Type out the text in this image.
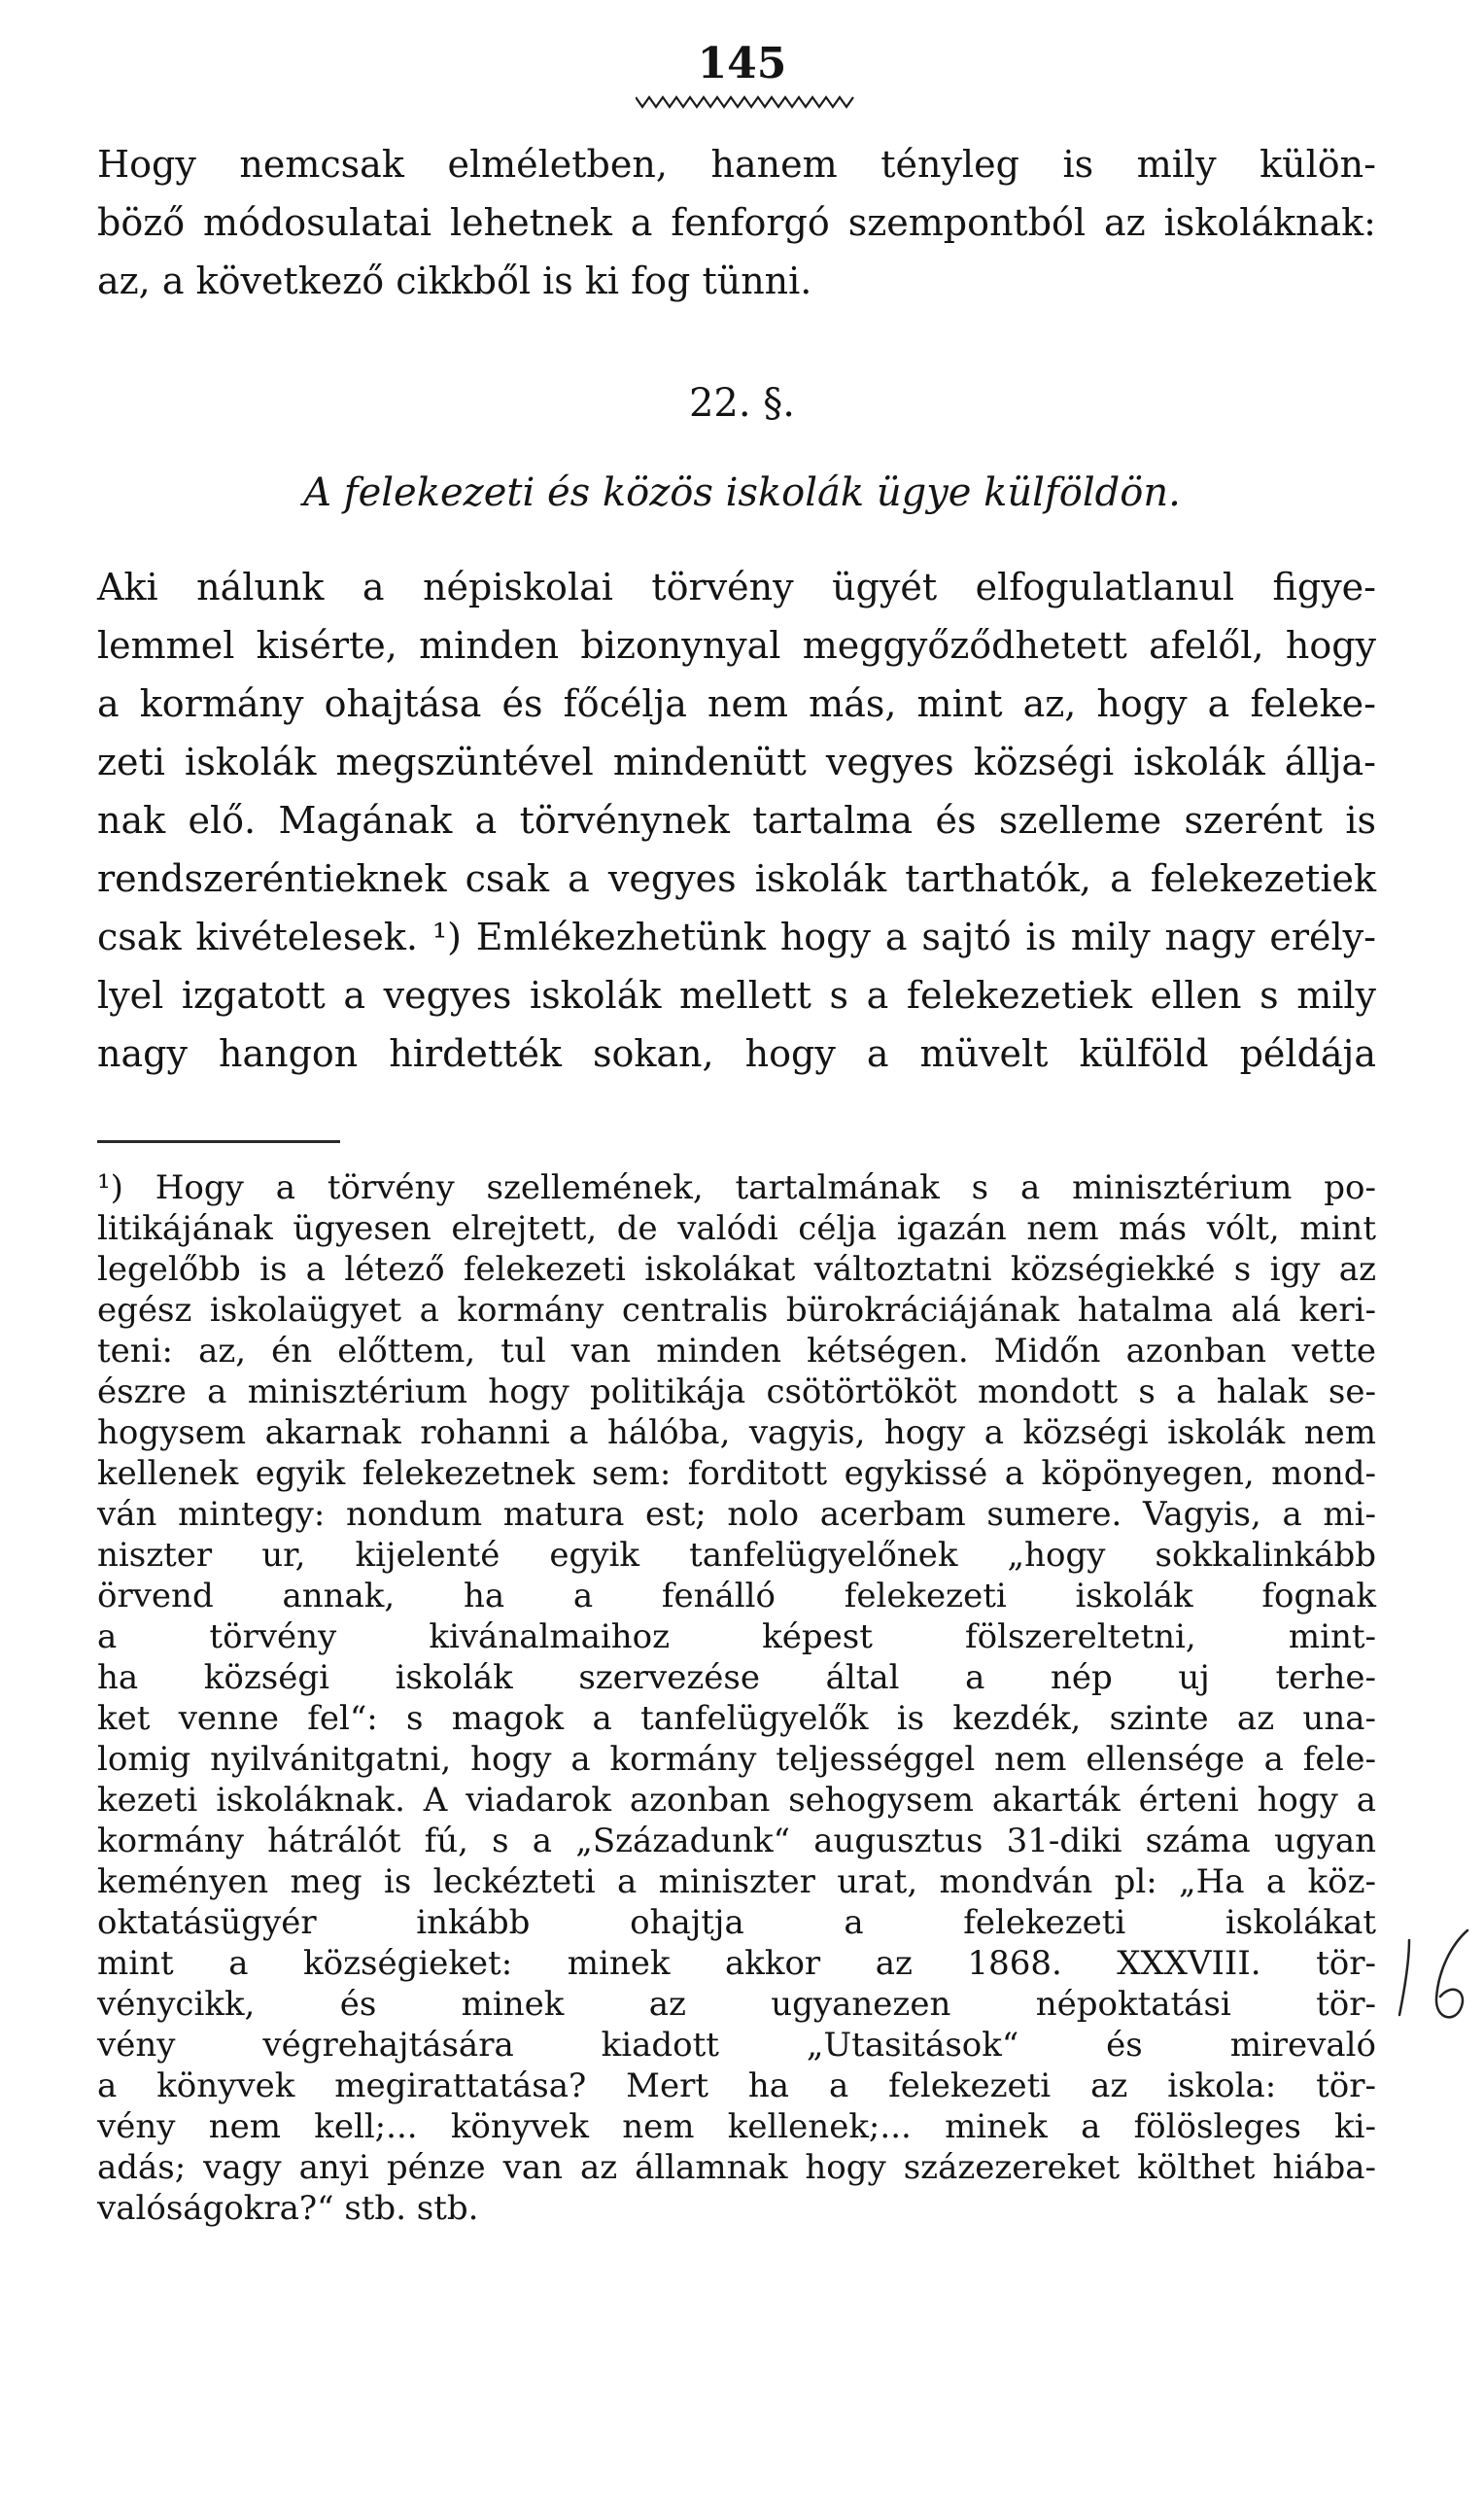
145
Hogy nemcsak elméletben, hanem tényleg is mily külön-
böző módosulatai lehetnek a fenforgó szempontból az iskoláknak:
az, a következő cikkből is ki fog tünni.
22. §.
A felekezeti és közös iskolák ügye külföldön.
Aki nálunk a népiskolai törvény ügyét elfogulatlanul figye-
lemmel kisérte, minden bizonynyal meggyőződhetett afelől, hogy
a kormány ohajtása és főcélja nem más, mint az, hogy a feleke-
zeti iskolák megszüntével mindenütt vegyes községi iskolák állja-
nak elő. Magának a törvénynek tartalma és szelleme szerént is
rendszeréntieknek csak a vegyes iskolák tarthatók, a felekezetiek
csak kivételesek. ¹) Emlékezhetünk hogy a sajtó is mily nagy erély-
lyel izgatott a vegyes iskolák mellett s a felekezetiek ellen s mily
nagy hangon hirdették sokan, hogy a müvelt külföld példája
¹) Hogy a törvény szellemének, tartalmának s a minisztérium po-
litikájának ügyesen elrejtett, de valódi célja igazán nem más vólt, mint
legelőbb is a létező felekezeti iskolákat változtatni községiekké s igy az
egész iskolaügyet a kormány centralis bürokráciájának hatalma alá keri-
teni: az, én előttem, tul van minden kétségen. Midőn azonban vette
észre a minisztérium hogy politikája csötörtököt mondott s a halak se-
hogysem akarnak rohanni a hálóba, vagyis, hogy a községi iskolák nem
kellenek egyik felekezetnek sem: forditott egykissé a köpönyegen, mond-
ván mintegy: nondum matura est; nolo acerbam sumere. Vagyis, a mi-
niszter ur, kijelenté egyik tanfelügyelőnek „hogy sokkalinkább
örvend annak, ha a fenálló felekezeti iskolák fognak
a törvény kivánalmaihoz képest fölszereltetni, mint-
ha községi iskolák szervezése által a nép uj terhe-
ket venne fel“: s magok a tanfelügyelők is kezdék, szinte az una-
lomig nyilvánitgatni, hogy a kormány teljességgel nem ellensége a fele-
kezeti iskoláknak. A viadarok azonban sehogysem akarták érteni hogy a
kormány hátrálót fú, s a „Századunk“ augusztus 31-diki száma ugyan
keményen meg is leckézteti a miniszter urat, mondván pl: „Ha a köz-
oktatásügyér inkább ohajtja a felekezeti iskolákat
mint a községieket: minek akkor az 1868. XXXVIII. tör-
vénycikk, és minek az ugyanezen népoktatási tör-
vény végrehajtására kiadott „Utasitások“ és mirevaló
a könyvek megirattatása? Mert ha a felekezeti az iskola: tör-
vény nem kell;... könyvek nem kellenek;... minek a fölösleges ki-
adás; vagy anyi pénze van az államnak hogy százezereket költhet hiába-
valóságokra?“ stb. stb.
